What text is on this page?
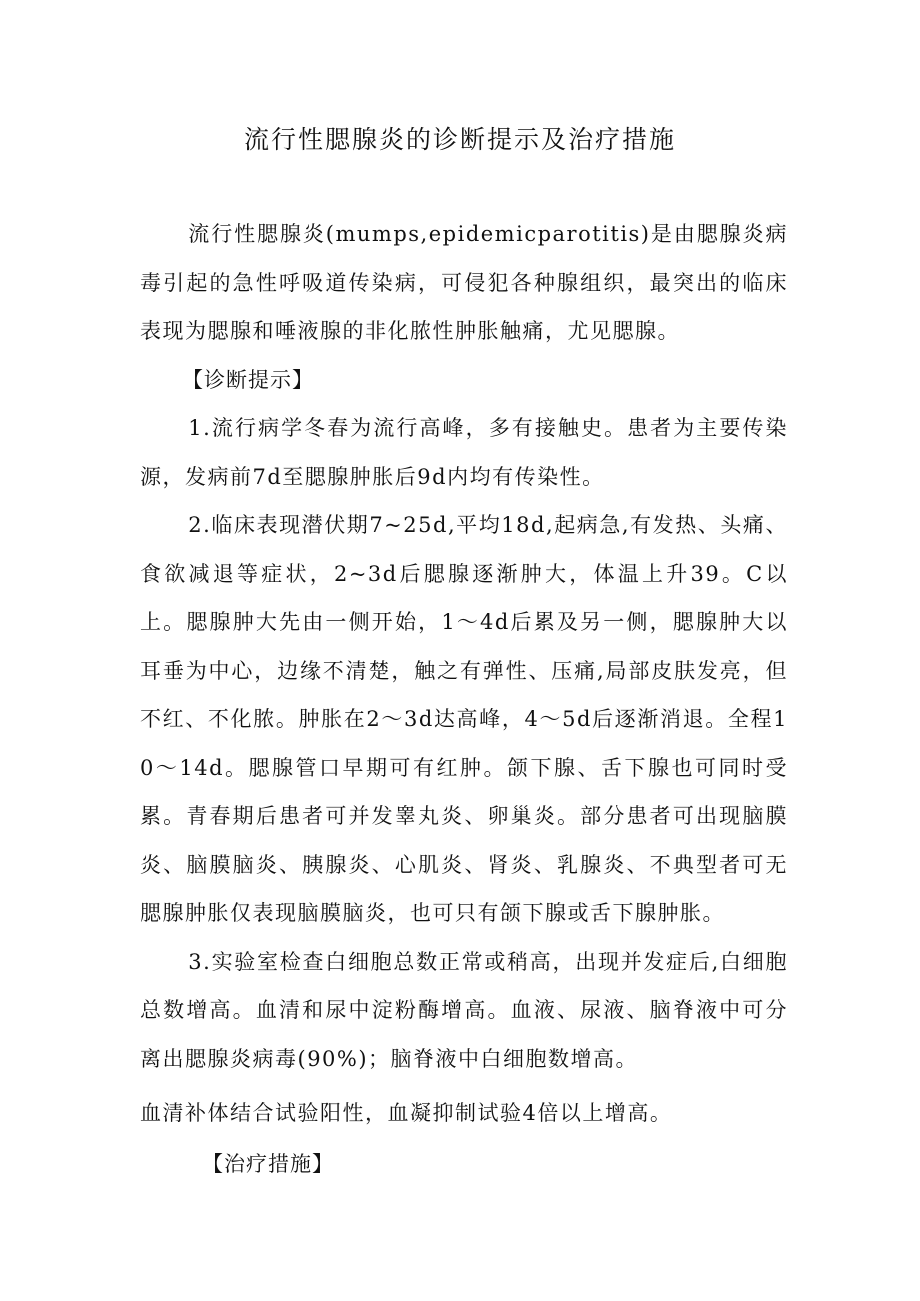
流行性腮腺炎的诊断提示及治疗措施

流行性腮腺炎(mumps,epidemicparotitis)是由腮腺炎病毒引起的急性呼吸道传染病，可侵犯各种腺组织，最突出的临床表现为腮腺和唾液腺的非化脓性肿胀触痛，尤见腮腺。

【诊断提示】

1.流行病学冬春为流行高峰，多有接触史。患者为主要传染源，发病前7d至腮腺肿胀后9d内均有传染性。

2.临床表现潜伏期7~25d,平均18d,起病急,有发热、头痛、食欲减退等症状，2~3d后腮腺逐渐肿大，体温上升39。C以上。腮腺肿大先由一侧开始，1～4d后累及另一侧，腮腺肿大以耳垂为中心，边缘不清楚，触之有弹性、压痛,局部皮肤发亮，但不红、不化脓。肿胀在2～3d达高峰，4～5d后逐渐消退。全程10～14d。腮腺管口早期可有红肿。颌下腺、舌下腺也可同时受累。青春期后患者可并发睾丸炎、卵巢炎。部分患者可出现脑膜炎、脑膜脑炎、胰腺炎、心肌炎、肾炎、乳腺炎、不典型者可无腮腺肿胀仅表现脑膜脑炎，也可只有颌下腺或舌下腺肿胀。

3.实验室检查白细胞总数正常或稍高，出现并发症后,白细胞总数增高。血清和尿中淀粉酶增高。血液、尿液、脑脊液中可分离出腮腺炎病毒(90%)；脑脊液中白细胞数增高。

血清补体结合试验阳性，血凝抑制试验4倍以上增高。

【治疗措施】
